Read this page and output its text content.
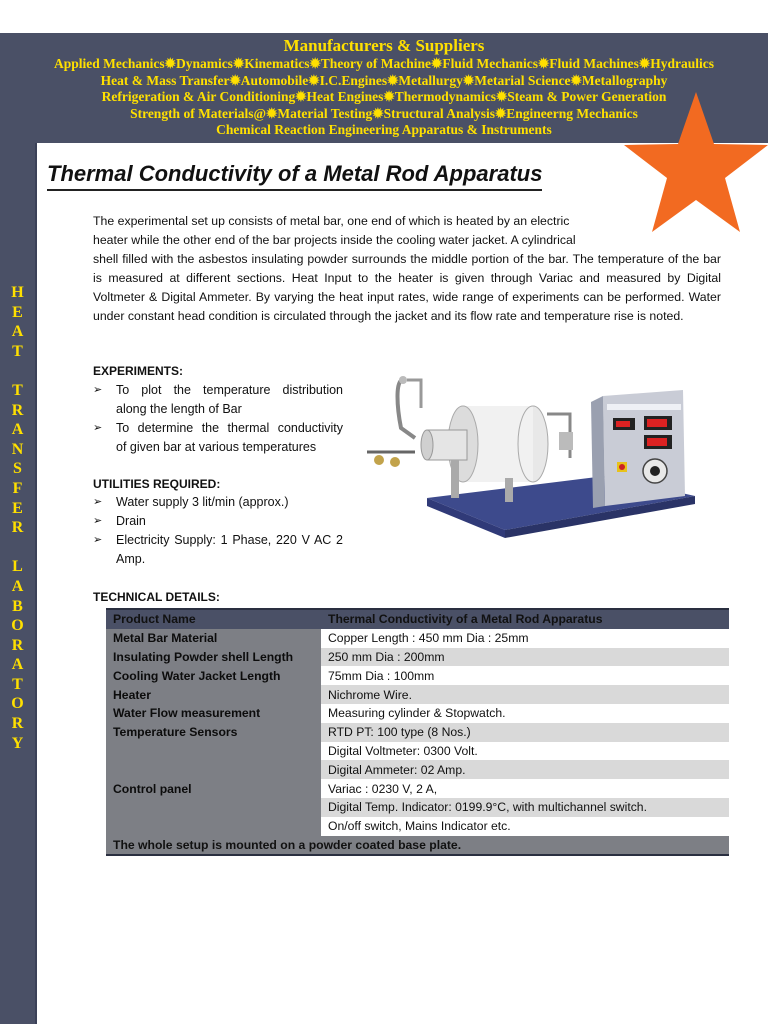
Manufacturers & Suppliers
Applied Mechanics✹Dynamics✹Kinematics✹Theory of Machine✹Fluid Mechanics✹Fluid Machines✹Hydraulics
Heat & Mass Transfer✹Automobile✹I.C.Engines✹Metallurgy✹Metarial Science✹Metallography
Refrigeration & Air Conditioning✹Heat Engines✹Thermodynamics✹Steam & Power Generation
Strength of Materials@✹Material Testing✹Structural Analysis✹Engineerng Mechanics
Chemical Reaction Engineering Apparatus & Instruments
H
E
A
T

T
R
A
N
S
F
E
R

L
A
B
O
R
A
T
O
R
Y
Thermal Conductivity of a Metal Rod Apparatus
The experimental set up consists of metal bar, one end of which is heated by an electric
heater while the other end of the bar projects inside the cooling water jacket. A cylindrical
shell filled with the asbestos insulating powder surrounds the middle portion of the bar. The temperature of the bar is measured at different sections. Heat Input to the heater is given through Variac and measured by Digital Voltmeter & Digital Ammeter. By varying the heat input rates, wide range of experiments can be performed. Water under constant head condition is circulated through the jacket and its flow rate and temperature rise is noted.
EXPERIMENTS:
➢ To plot the temperature distribution
along the length of Bar
➢ To determine the thermal conductivity
of given bar at various temperatures
UTILITIES REQUIRED:
➢ Water supply 3 lit/min (approx.)
➢ Drain
➢ Electricity Supply: 1 Phase, 220 V AC 2
Amp.
TECHNICAL DETAILS:
Product Name	Thermal Conductivity of a Metal Rod Apparatus
Metal Bar Material	Copper Length : 450 mm Dia : 25mm
Insulating Powder shell Length	250 mm Dia : 200mm
Cooling Water Jacket Length	75mm Dia : 100mm
Heater	Nichrome Wire.
Water Flow measurement	Measuring cylinder & Stopwatch.
Temperature Sensors	RTD PT: 100 type (8 Nos.)
	Digital Voltmeter: 0300 Volt.
	Digital Ammeter: 02 Amp.
Control panel	Variac : 0230 V, 2 A,
	Digital Temp. Indicator: 0199.9°C, with multichannel switch.
	On/off switch, Mains Indicator etc.
The whole setup is mounted on a powder coated base plate.	
